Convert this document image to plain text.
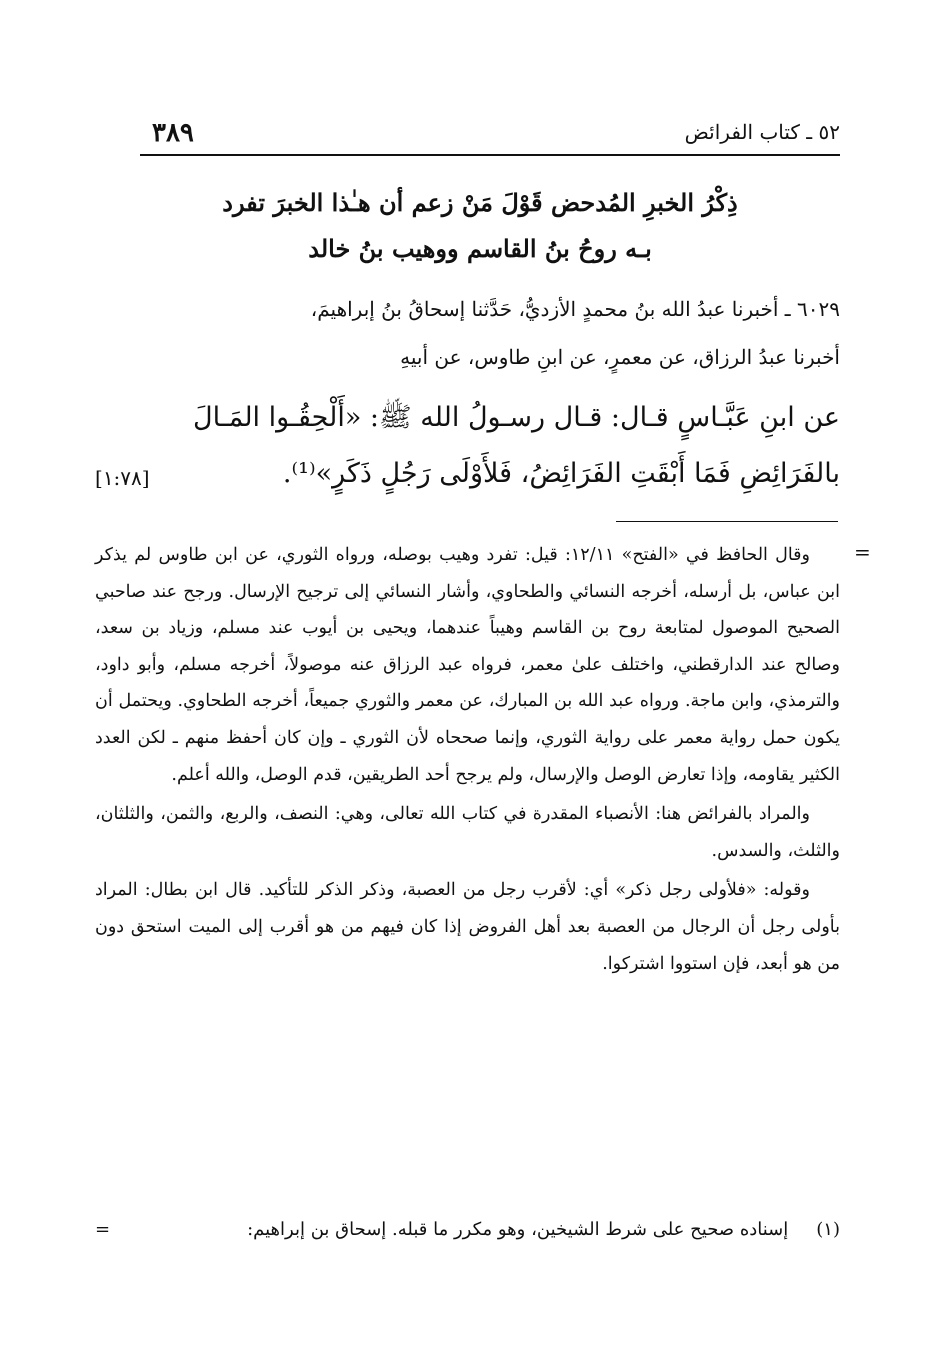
٣٨٩	٥٢ ـ كتاب الفرائض
ذِكْرُ الخبرِ المُدحض قَوْلَ مَنْ زعم أن هـٰذا الخبرَ تفرد
بـه روحُ بنُ القاسم ووهيب بنُ خالد
٦٠٢٩ ـ أخبرنا عبدُ الله بنُ محمدٍ الأزديُّ، حَدَّثنا إسحاقُ بنُ إبراهيمَ،
أخبرنا عبدُ الرزاق، عن معمرٍ، عن ابنِ طاوس، عن أبيهِ
عن ابنِ عَبَّـاسٍ قـال: قـال رسـولُ الله ﷺ: «أَلْحِقُـوا المَـالَ
بالفَرَائِضِ فَمَا أَبْقَتِ الفَرَائِضُ، فَلأَوْلَى رَجُلٍ ذَكَرٍ»⁽¹⁾.
[١:٧٨]
=

وقال الحافظ في «الفتح» ١٢/١١: قيل: تفرد وهيب بوصله، ورواه الثوري، عن ابن طاوس لم يذكر ابن عباس، بل أرسله، أخرجه النسائي والطحاوي، وأشار النسائي إلى ترجيح الإرسال. ورجح عند صاحبي الصحيح الموصول لمتابعة روح بن القاسم وهيباً عندهما، ويحيى بن أيوب عند مسلم، وزياد بن سعد، وصالح عند الدارقطني، واختلف علىٰ معمر، فرواه عبد الرزاق عنه موصولاً، أخرجه مسلم، وأبو داود، والترمذي، وابن ماجة. ورواه عبد الله بن المبارك، عن معمر والثوري جميعاً، أخرجه الطحاوي. ويحتمل أن يكون حمل رواية معمر على رواية الثوري، وإنما صححاه لأن الثوري ـ وإن كان أحفظ منهم ـ لكن العدد الكثير يقاومه، وإذا تعارض الوصل والإرسال، ولم يرجح أحد الطريقين، قدم الوصل، والله أعلم.

والمراد بالفرائض هنا: الأنصباء المقدرة في كتاب الله تعالى، وهي: النصف، والربع، والثمن، والثلثان، والثلث، والسدس.

وقوله: «فلأولى رجل ذكر» أي: لأقرب رجل من العصبة، وذكر الذكر للتأكيد. قال ابن بطال: المراد بأولى رجل أن الرجال من العصبة بعد أهل الفروض إذا كان فيهم من هو أقرب إلى الميت استحق دون من هو أبعد، فإن استووا اشتركوا.

(١) إسناده صحيح على شرط الشيخين، وهو مكرر ما قبله. إسحاق بن إبراهيم:
=
